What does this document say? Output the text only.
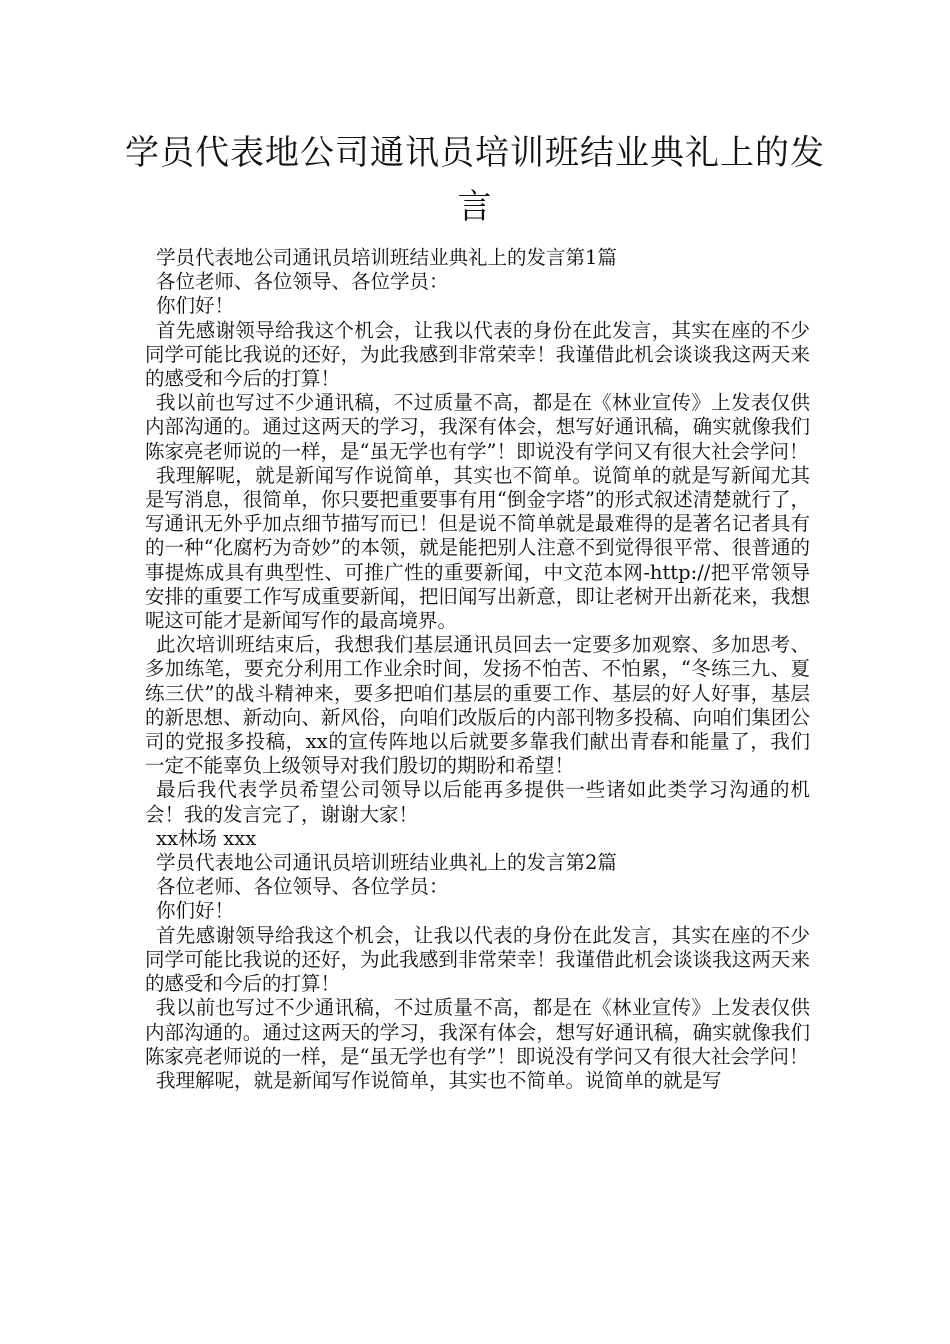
学员代表地公司通讯员培训班结业典礼上的发言

学员代表地公司通讯员培训班结业典礼上的发言第1篇

各位老师、各位领导、各位学员：

你们好！

首先感谢领导给我这个机会，让我以代表的身份在此发言，其实在座的不少同学可能比我说的还好，为此我感到非常荣幸！我谨借此机会谈谈我这两天来的感受和今后的打算！

我以前也写过不少通讯稿，不过质量不高，都是在《林业宣传》上发表仅供内部沟通的。通过这两天的学习，我深有体会，想写好通讯稿，确实就像我们陈家亮老师说的一样，是“虽无学也有学”！即说没有学问又有很大社会学问！

我理解呢，就是新闻写作说简单，其实也不简单。说简单的就是写新闻尤其是写消息，很简单，你只要把重要事有用“倒金字塔”的形式叙述清楚就行了，写通讯无外乎加点细节描写而已！但是说不简单就是最难得的是著名记者具有的一种“化腐朽为奇妙”的本领，就是能把别人注意不到觉得很平常、很普通的事提炼成具有典型性、可推广性的重要新闻，中文范本网-http://把平常领导安排的重要工作写成重要新闻，把旧闻写出新意，即让老树开出新花来，我想呢这可能才是新闻写作的最高境界。

此次培训班结束后，我想我们基层通讯员回去一定要多加观察、多加思考、多加练笔，要充分利用工作业余时间，发扬不怕苦、不怕累，“冬练三九、夏练三伏”的战斗精神来，要多把咱们基层的重要工作、基层的好人好事，基层的新思想、新动向、新风俗，向咱们改版后的内部刊物多投稿、向咱们集团公司的党报多投稿，xx的宣传阵地以后就要多靠我们献出青春和能量了，我们一定不能辜负上级领导对我们殷切的期盼和希望！

最后我代表学员希望公司领导以后能再多提供一些诸如此类学习沟通的机会！我的发言完了，谢谢大家！

xx林场 xxx

学员代表地公司通讯员培训班结业典礼上的发言第2篇

各位老师、各位领导、各位学员：

你们好！

首先感谢领导给我这个机会，让我以代表的身份在此发言，其实在座的不少同学可能比我说的还好，为此我感到非常荣幸！我谨借此机会谈谈我这两天来的感受和今后的打算！

我以前也写过不少通讯稿，不过质量不高，都是在《林业宣传》上发表仅供内部沟通的。通过这两天的学习，我深有体会，想写好通讯稿，确实就像我们陈家亮老师说的一样，是“虽无学也有学”！即说没有学问又有很大社会学问！

我理解呢，就是新闻写作说简单，其实也不简单。说简单的就是写
